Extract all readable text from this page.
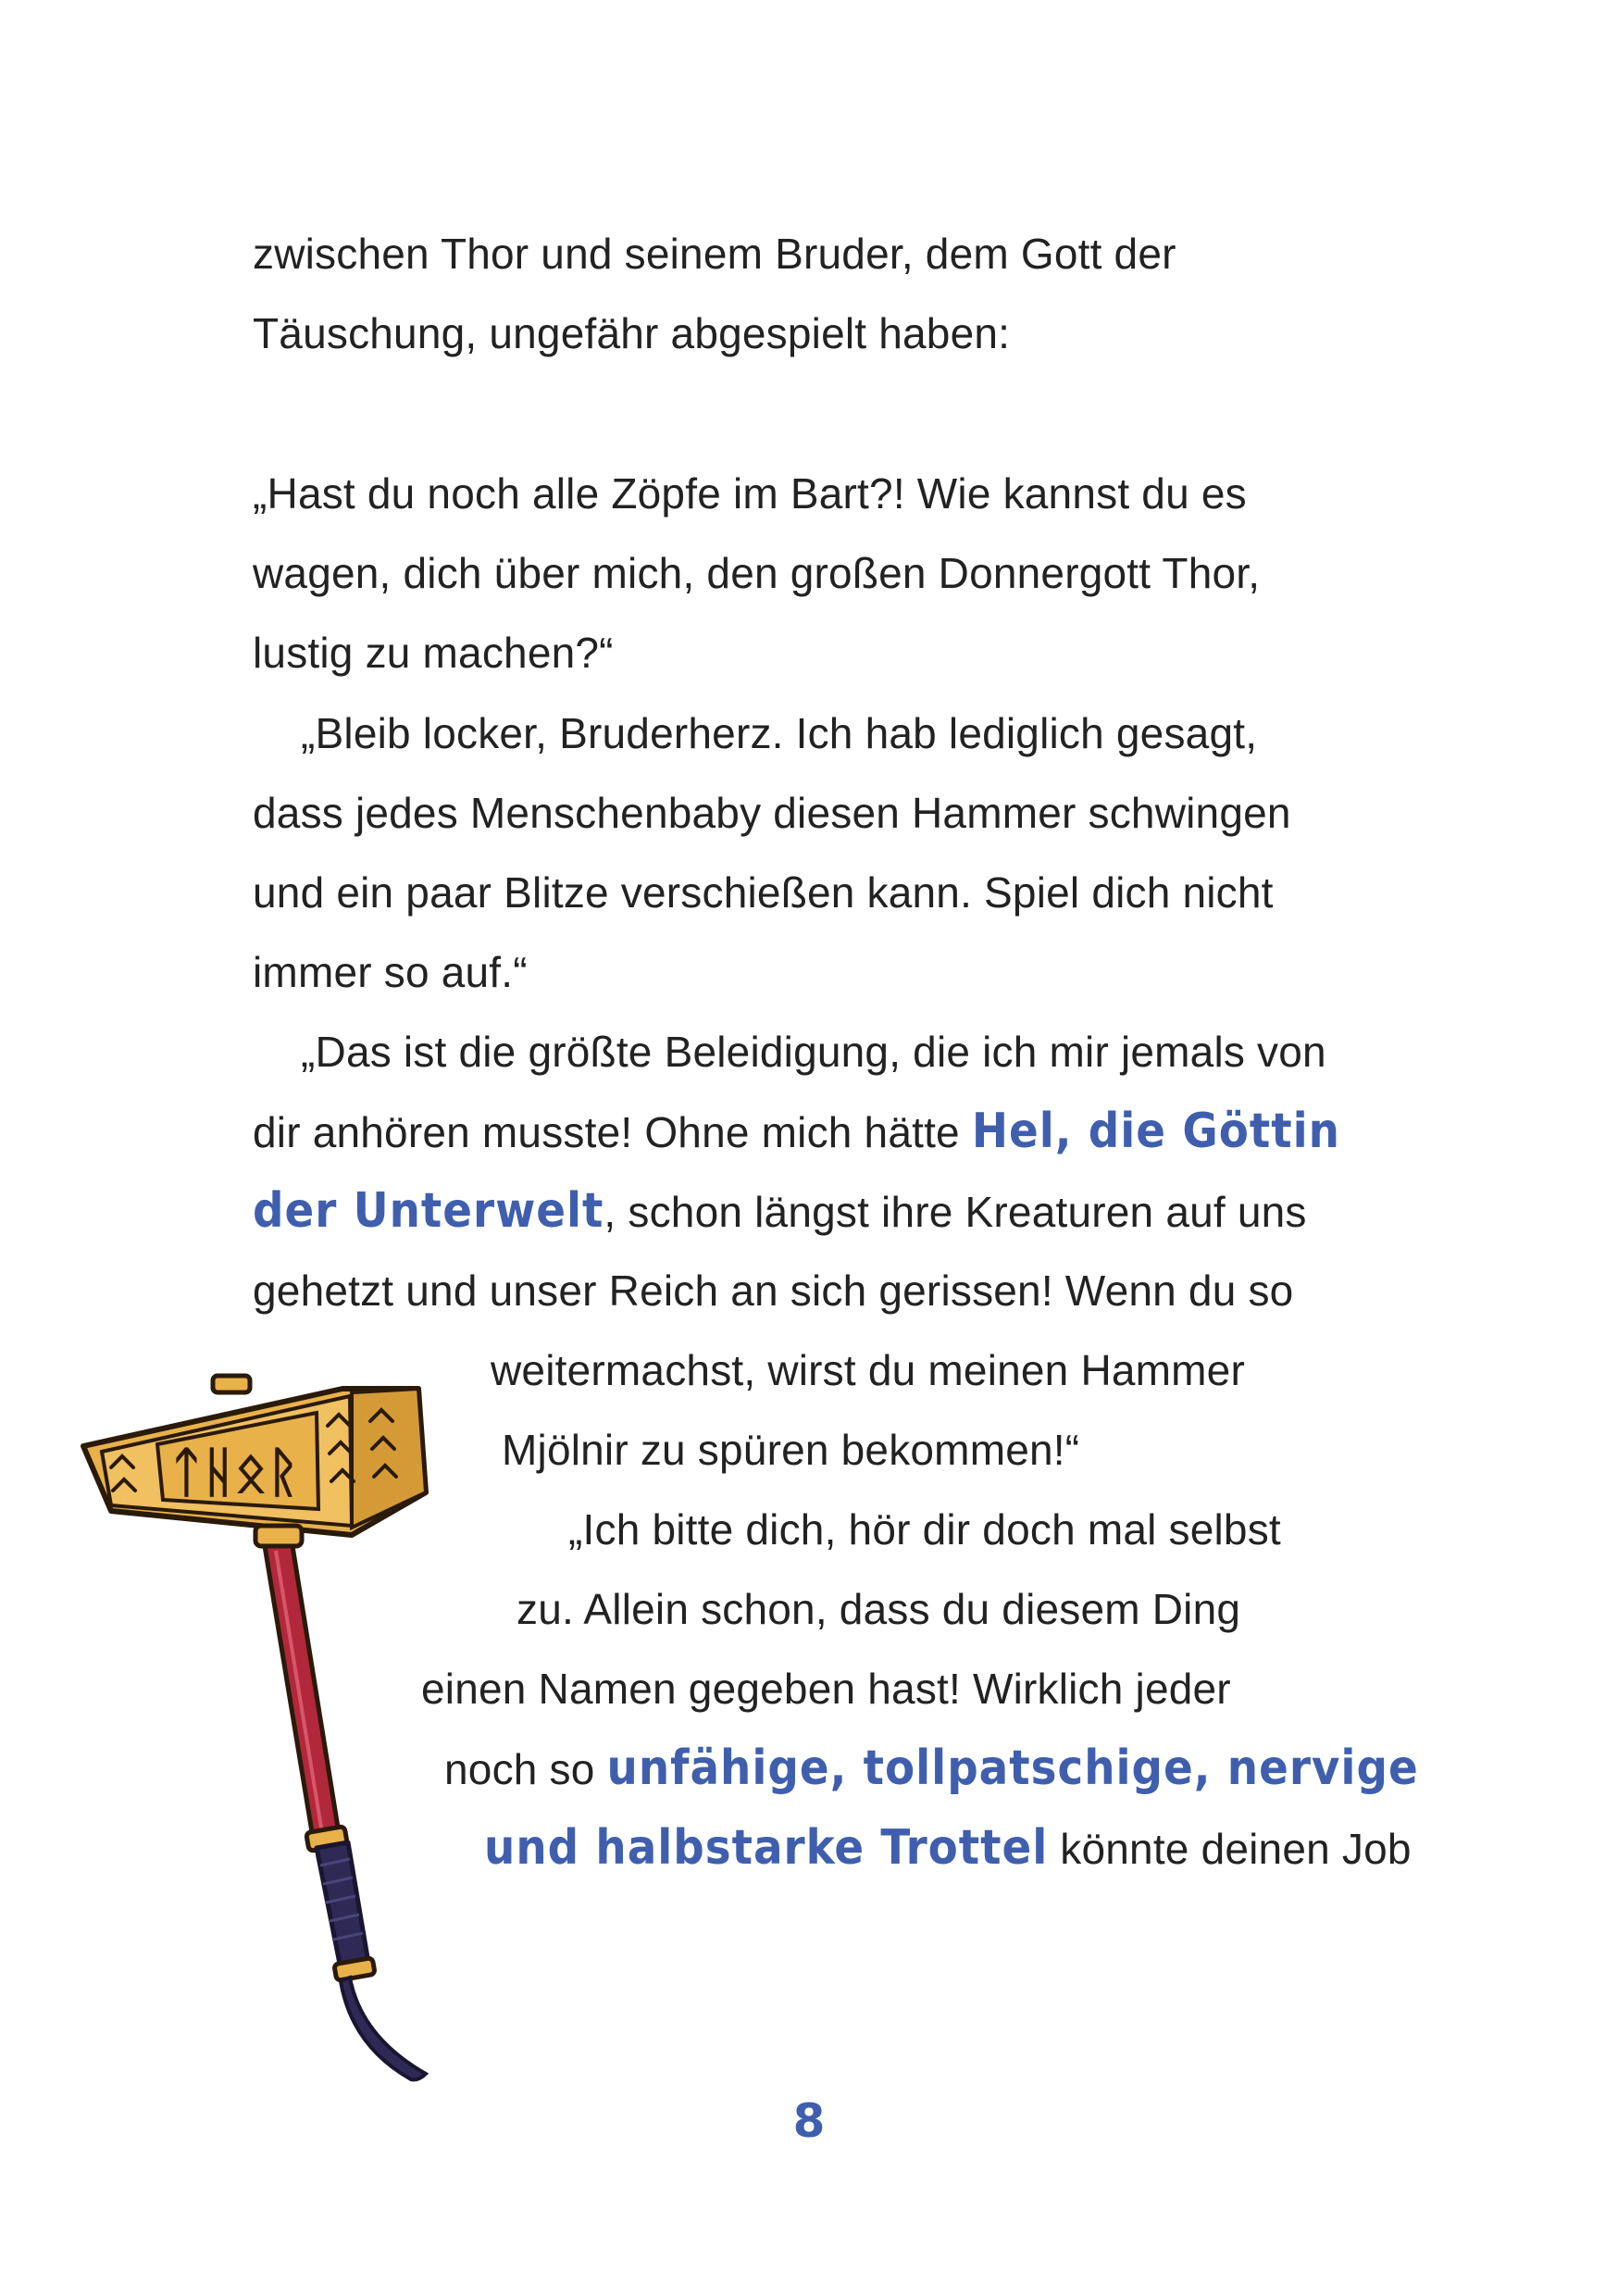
zwischen Thor und seinem Bruder, dem Gott der
Täuschung, ungefähr abgespielt haben:
„Hast du noch alle Zöpfe im Bart?! Wie kannst du es
wagen, dich über mich, den großen Donnergott Thor,
lustig zu machen?“
„Bleib locker, Bruderherz. Ich hab lediglich gesagt,
dass jedes Menschenbaby diesen Hammer schwingen
und ein paar Blitze verschießen kann. Spiel dich nicht
immer so auf.“
„Das ist die größte Beleidigung, die ich mir jemals von
dir anhören musste! Ohne mich hätte Hel, die Göttin
der Unterwelt, schon längst ihre Kreaturen auf uns
gehetzt und unser Reich an sich gerissen! Wenn du so
weitermachst, wirst du meinen Hammer
Mjölnir zu spüren bekommen!“
„Ich bitte dich, hör dir doch mal selbst
zu. Allein schon, dass du diesem Ding
einen Namen gegeben hast! Wirklich jeder
noch so unfähige, tollpatschige, nervige
und halbstarke Trottel könnte deinen Job
ᛏᚺᛟᚱ
8
